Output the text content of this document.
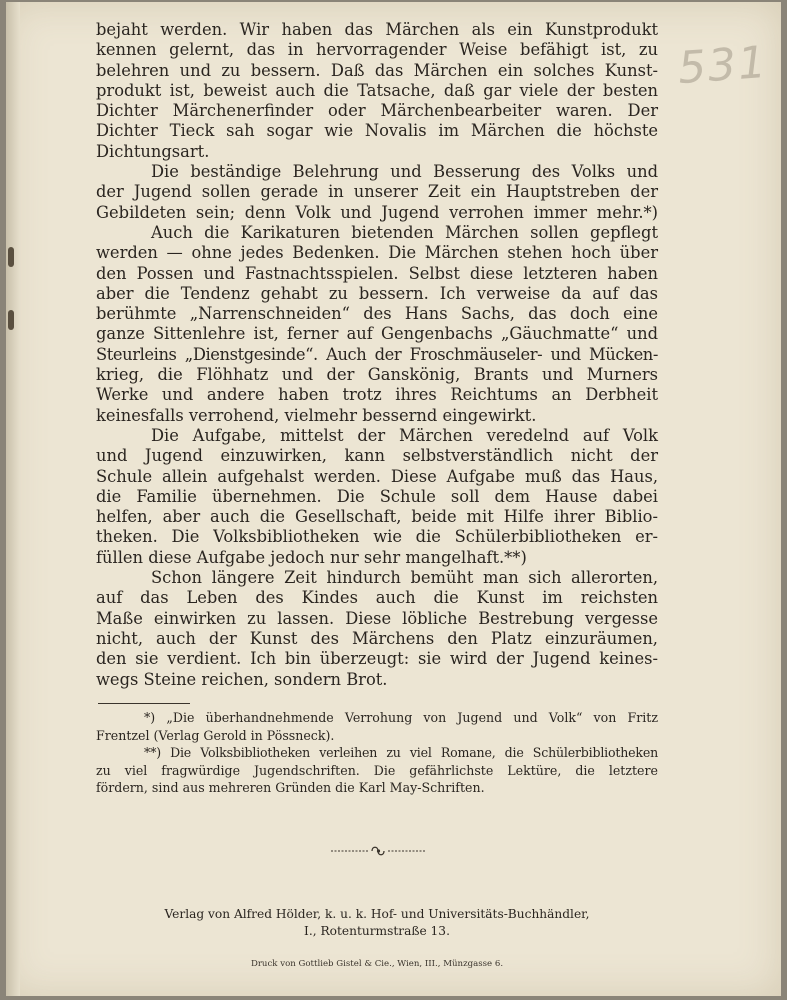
531
bejaht werden. Wir haben das Märchen als ein Kunstprodukt
kennen gelernt, das in hervorragender Weise befähigt ist, zu
belehren und zu bessern. Daß das Märchen ein solches Kunst-
produkt ist, beweist auch die Tatsache, daß gar viele der besten
Dichter Märchenerfinder oder Märchenbearbeiter waren. Der
Dichter Tieck sah sogar wie Novalis im Märchen die höchste
Dichtungsart.
Die beständige Belehrung und Besserung des Volks und
der Jugend sollen gerade in unserer Zeit ein Hauptstreben der
Gebildeten sein; denn Volk und Jugend verrohen immer mehr.*)
Auch die Karikaturen bietenden Märchen sollen gepflegt
werden — ohne jedes Bedenken. Die Märchen stehen hoch über
den Possen und Fastnachtsspielen. Selbst diese letzteren haben
aber die Tendenz gehabt zu bessern. Ich verweise da auf das
berühmte „Narrenschneiden“ des Hans Sachs, das doch eine
ganze Sittenlehre ist, ferner auf Gengenbachs „Gäuchmatte“ und
Steurleins „Dienstgesinde“. Auch der Froschmäuseler- und Mücken-
krieg, die Flöhhatz und der Ganskönig, Brants und Murners
Werke und andere haben trotz ihres Reichtums an Derbheit
keinesfalls verrohend, vielmehr bessernd eingewirkt.
Die Aufgabe, mittelst der Märchen veredelnd auf Volk
und Jugend einzuwirken, kann selbstverständlich nicht der
Schule allein aufgehalst werden. Diese Aufgabe muß das Haus,
die Familie übernehmen. Die Schule soll dem Hause dabei
helfen, aber auch die Gesellschaft, beide mit Hilfe ihrer Biblio-
theken. Die Volksbibliotheken wie die Schülerbibliotheken er-
füllen diese Aufgabe jedoch nur sehr mangelhaft.**)
Schon längere Zeit hindurch bemüht man sich allerorten,
auf das Leben des Kindes auch die Kunst im reichsten
Maße einwirken zu lassen. Diese löbliche Bestrebung vergesse
nicht, auch der Kunst des Märchens den Platz einzuräumen,
den sie verdient. Ich bin überzeugt: sie wird der Jugend keines-
wegs Steine reichen, sondern Brot.
*) „Die überhandnehmende Verrohung von Jugend und Volk“ von Fritz
Frentzel (Verlag Gerold in Pössneck).
**) Die Volksbibliotheken verleihen zu viel Romane, die Schülerbibliotheken
zu viel fragwürdige Jugendschriften. Die gefährlichste Lektüre, die letztere
fördern, sind aus mehreren Gründen die Karl May-Schriften.
Verlag von Alfred Hölder, k. u. k. Hof- und Universitäts-Buchhändler,
I., Rotenturmstraße 13.
Druck von Gottlieb Gistel & Cie., Wien, III., Münzgasse 6.
